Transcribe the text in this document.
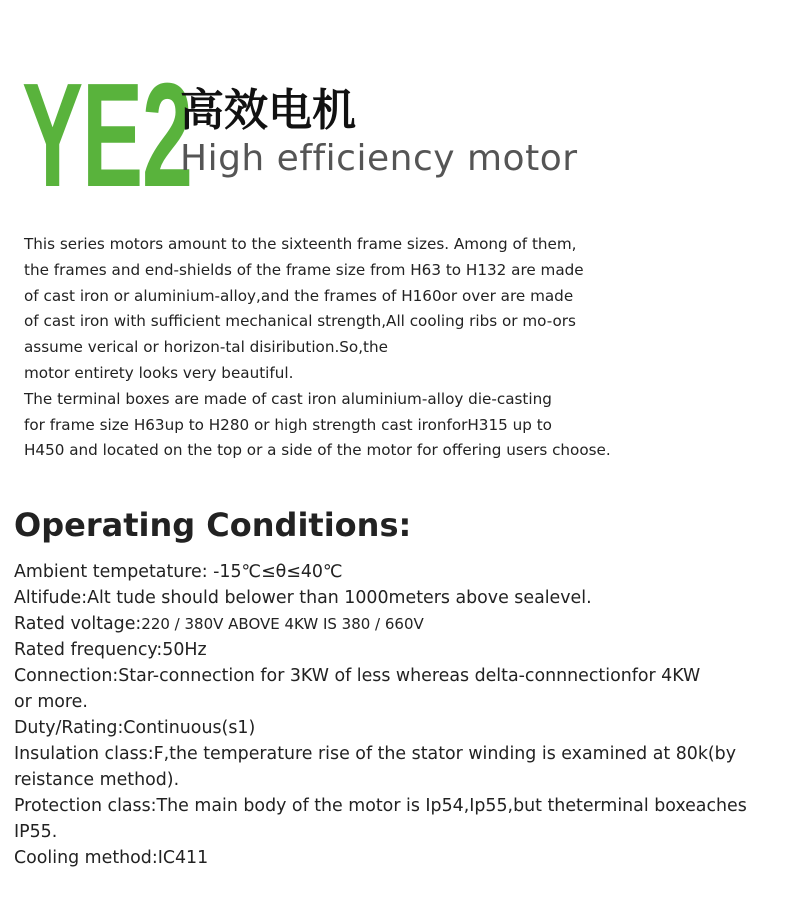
YE2
高效电机
High efficiency motor
This series motors amount to the sixteenth frame sizes. Among of them,
the frames and end-shields of the frame size from H63 to H132 are made
of cast iron or aluminium-alloy,and the frames of H160or over are made
of cast iron with sufficient mechanical strength,All cooling ribs or mo-ors
assume verical or horizon-tal disiribution.So,the
motor entirety looks very beautiful.
The terminal boxes are made of cast iron aluminium-alloy die-casting
for frame size H63up to H280 or high strength cast ironforH315 up to
H450 and located on the top or a side of the motor for offering users choose.
Operating Conditions:
Ambient tempetature: -15℃≤θ≤40℃
Altifude:Alt tude should belower than 1000meters above sealevel.
Rated voltage:220 / 380V ABOVE 4KW IS 380 / 660V
Rated frequency:50Hz
Connection:Star-connection for 3KW of less whereas delta-connnectionfor 4KW
or more.
Duty/Rating:Continuous(s1)
Insulation class:F,the temperature rise of the stator winding is examined at 80k(by
reistance method).
Protection class:The main body of the motor is Ip54,Ip55,but theterminal boxeaches
IP55.
Cooling method:IC411
